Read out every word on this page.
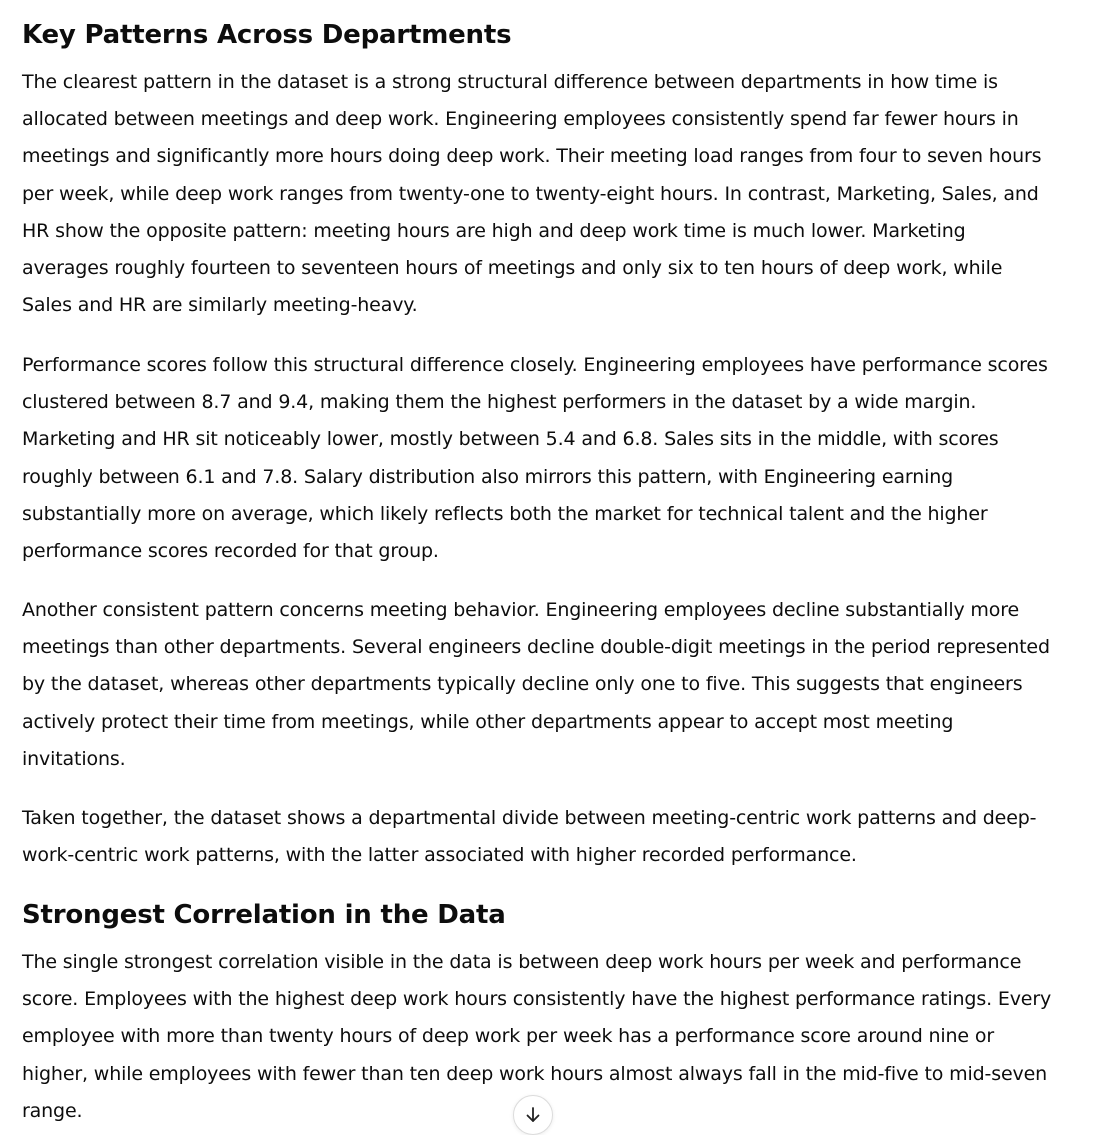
Key Patterns Across Departments

The clearest pattern in the dataset is a strong structural difference between departments in how time is allocated between meetings and deep work. Engineering employees consistently spend far fewer hours in meetings and significantly more hours doing deep work. Their meeting load ranges from four to seven hours per week, while deep work ranges from twenty-one to twenty-eight hours. In contrast, Marketing, Sales, and HR show the opposite pattern: meeting hours are high and deep work time is much lower. Marketing averages roughly fourteen to seventeen hours of meetings and only six to ten hours of deep work, while Sales and HR are similarly meeting-heavy.

Performance scores follow this structural difference closely. Engineering employees have performance scores clustered between 8.7 and 9.4, making them the highest performers in the dataset by a wide margin. Marketing and HR sit noticeably lower, mostly between 5.4 and 6.8. Sales sits in the middle, with scores roughly between 6.1 and 7.8. Salary distribution also mirrors this pattern, with Engineering earning substantially more on average, which likely reflects both the market for technical talent and the higher performance scores recorded for that group.

Another consistent pattern concerns meeting behavior. Engineering employees decline substantially more meetings than other departments. Several engineers decline double-digit meetings in the period represented by the dataset, whereas other departments typically decline only one to five. This suggests that engineers actively protect their time from meetings, while other departments appear to accept most meeting invitations.

Taken together, the dataset shows a departmental divide between meeting-centric work patterns and deep-work-centric work patterns, with the latter associated with higher recorded performance.

Strongest Correlation in the Data

The single strongest correlation visible in the data is between deep work hours per week and performance score. Employees with the highest deep work hours consistently have the highest performance ratings. Every employee with more than twenty hours of deep work per week has a performance score around nine or higher, while employees with fewer than ten deep work hours almost always fall in the mid-five to mid-seven range.
